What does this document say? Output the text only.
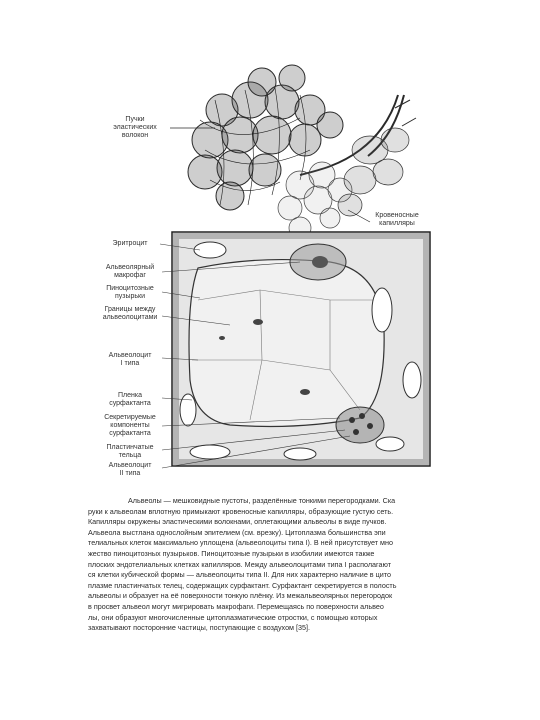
Пучки
эластических
волокон
Кровеносные
капилляры
Эритроцит
Альвеолярный
макрофаг
Пиноцитозные
пузырьки
Границы между
альвеолоцитами
Альвеолоцит
I типа
Пленка
сурфактанта
Секретируемые
компоненты
сурфактанта
Пластинчатые
тельца
Альвеолоцит
II типа

Альвеолы — мешковидные пустоты, разделённые тонкими перегородками. Ска

руки к альвеолам вплотную примыкают кровеносные капилляры, образующие густую сеть.

Капилляры окружены эластическими волокнами, оплетающими альвеолы в виде пучков.

Альвеола выстлана однослойным эпителием (см. врезку). Цитоплазма большинства эпи

телиальных клеток максимально уплощена (альвеолоциты типа I). В ней присутствует мно

жество пиноцитозных пузырьков. Пиноцитозные пузырьки в изобилии имеются также

плоских эндотелиальных клетках капилляров. Между альвеолоцитами типа I располагают

ся клетки кубической формы — альвеолоциты типа II. Для них характерно наличие в цито

плазме пластинчатых телец, содержащих сурфактант. Сурфактант секретируется в полость

альвеолы и образует на её поверхности тонкую плёнку. Из межальвеолярных перегородок

в просвет альвеол могут мигрировать макрофаги. Перемещаясь по поверхности альвео

лы, они образуют многочисленные цитоплазматические отростки, с помощью которых

захватывают посторонние частицы, поступающие с воздухом [35].
